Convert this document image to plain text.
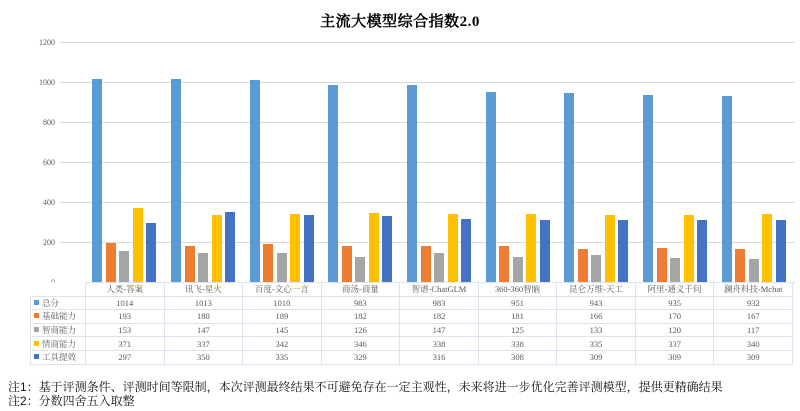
主流大模型综合指数2.0
1200
1000
800
600
400
200
	人类-答案	讯飞-星火	百度-文心一言	商汤-商量	智谱-ChatGLM	360-360智脑	昆仑万维-天工	阿里-通义千问	澜舟科技-Mchat
总分	1014	1013	1010	983	983	951	943	935	932
基础能力	193	180	189	182	182	181	166	170	167
智商能力	153	147	145	126	147	125	133	120	117
情商能力	371	337	342	346	338	338	335	337	340
工具提效	297	350	335	329	316	308	309	309	309
注1：基于评测条件、评测时间等限制，本次评测最终结果不可避免存在一定主观性，未来将进一步优化完善评测模型，提供更精确结果
注2：分数四舍五入取整
